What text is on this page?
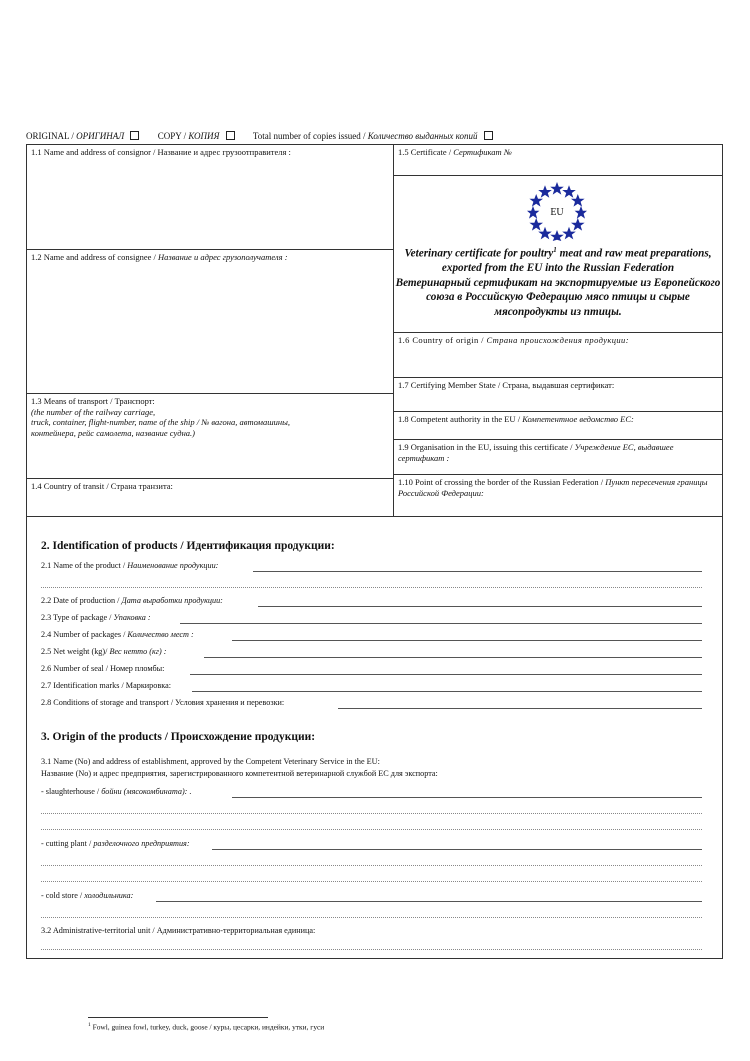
ORIGINAL / ОРИГИНАЛ	COPY / КОПИЯ	Total number of copies issued / Количество выданных копий
1.1 Name and address of consignor / Название и адрес грузоотправителя :
1.2 Name and address of consignee / Название и адрес грузополучателя :
1.3 Means of transport / Транспорт:
(the number of the railway carriage,
truck, container, flight-number, name of the ship / № вагона, автомашины,
контейнера, рейс самолета, название судна.)
1.4 Country of transit / Страна транзита:
1.5 Certificate / Сертификат №
EU
Veterinary certificate for poultry$^1$ meat and raw meat preparations, exported from the EU into the Russian Federation
Ветеринарный сертификат на экспортируемые из Европейского союза в Российскую Федерацию мясо птицы и сырые мясопродукты из птицы.
1.6 Country of origin / Страна происхождения продукции:
1.7 Certifying Member State / Страна, выдавшая сертификат:
1.8 Competent authority in the EU / Компетентное ведомство ЕС:
1.9 Organisation in the EU, issuing this certificate / Учреждение ЕС, выдавшее сертификат :
1.10 Point of crossing the border of the Russian Federation / Пункт пересечения границы Российской Федерации:
2. Identification of products / Идентификация продукции:
2.1 Name of the product / Наименование продукции:
2.2 Date of production / Дата выработки продукции:
2.3 Type of package / Упаковка :
2.4 Number of packages / Количество мест :
2.5 Net weight (kg)/ Вес нетто (кг) :
2.6 Number of seal / Номер пломбы:
2.7 Identification marks / Маркировка:
2.8 Conditions of storage and transport / Условия хранения и перевозки:
3. Origin of the products / Происхождение продукции:
3.1 Name (No) and address of establishment, approved by the Competent Veterinary Service in the EU:
Название (No) и адрес предприятия, зарегистрированного компетентной ветеринарной службой ЕС для экспорта:
- slaughterhouse / бойни (мясокомбината): .
- cutting plant / разделочного предприятия:
- cold store / холодильника:
3.2 Administrative-territorial unit / Административно-территориальная единица:
$^1$ Fowl, guinea fowl, turkey, duck, goose / куры, цесарки, индейки, утки, гуси
